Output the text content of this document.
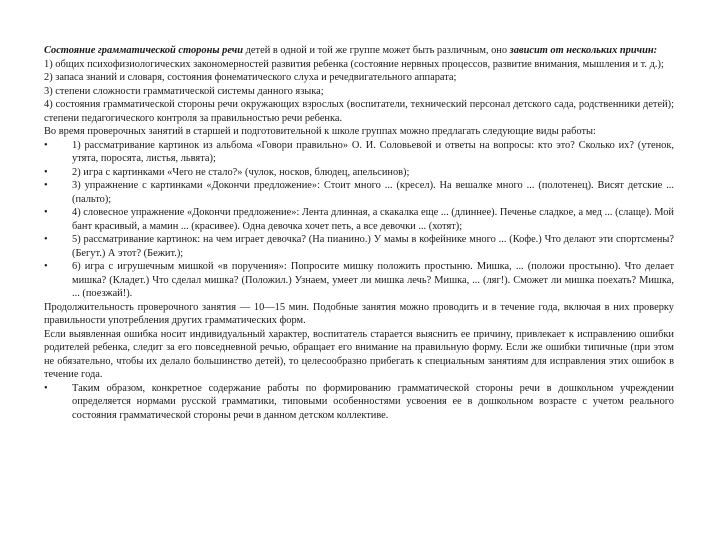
Состояние грамматической стороны речи детей в одной и той же группе может быть различным, оно зависит от нескольких причин:

1) общих психофизиологических закономерностей развития ребенка (состояние нервных процессов, развитие внимания, мышления и т. д.);

2) запаса знаний и словаря, состояния фонематического слуха и речедвигательного аппарата;

3) степени сложности грамматической системы данного языка;

4) состояния грамматической стороны речи окружающих взрослых (воспитатели, технический персонал детского сада, родственники детей); степени педагогического контроля за правильностью речи ребенка.

Во время проверочных занятий в старшей и подготовительной к школе группах можно предлагать следующие виды работы:

•	1) рассматривание картинок из альбома «Говори правильно» О. И. Соловьевой и ответы на вопросы: кто это? Сколько их? (утенок, утята, поросята, листья, львята);

•	2) игра с картинками «Чего не стало?» (чулок, носков, блюдец, апельсинов);

•	3) упражнение с картинками «Докончи предложение»: Стоит много ... (кресел). На вешалке много ... (полотенец). Висят детские ... (пальто);

•	4) словесное упражнение «Докончи предложение»: Лента длинная, а скакалка еще ... (длиннее). Печенье сладкое, а мед ... (слаще). Мой бант красивый, а мамин ... (красивее). Одна девочка хочет петь, а все девочки ... (хотят);

•	5) рассматривание картинок: на чем играет девочка? (На пианино.) У мамы в кофейнике много ... (Кофе.) Что делают эти спортсмены? (Бегут.) А этот? (Бежит.);

•	6) игра с игрушечным мишкой «в поручения»: Попросите мишку положить простыню. Мишка, ... (положи простыню). Что делает мишка? (Кладет.) Что сделал мишка? (Положил.) Узнаем, умеет ли мишка лечь? Мишка, ... (ляг!). Сможет ли мишка поехать? Мишка, ... (поезжай!).

Продолжительность проверочного занятия — 10—15 мин. Подобные занятия можно проводить и в течение года, включая в них проверку правильности употребления других грамматических форм.

Если выявленная ошибка носит индивидуальный характер, воспитатель старается выяснить ее причину, привлекает к исправлению ошибки родителей ребенка, следит за его повседневной речью, обращает его внимание на правильную форму. Если же ошибки типичные (при этом не обязательно, чтобы их делало большинство детей), то целесообразно прибегать к специальным занятиям для исправления этих ошибок в течение года.

•	Таким образом, конкретное содержание работы по формированию грамматической стороны речи в дошкольном учреждении определяется нормами русской грамматики, типовыми особенностями усвоения ее в дошкольном возрасте с учетом реального состояния грамматической стороны речи в данном детском коллективе.
